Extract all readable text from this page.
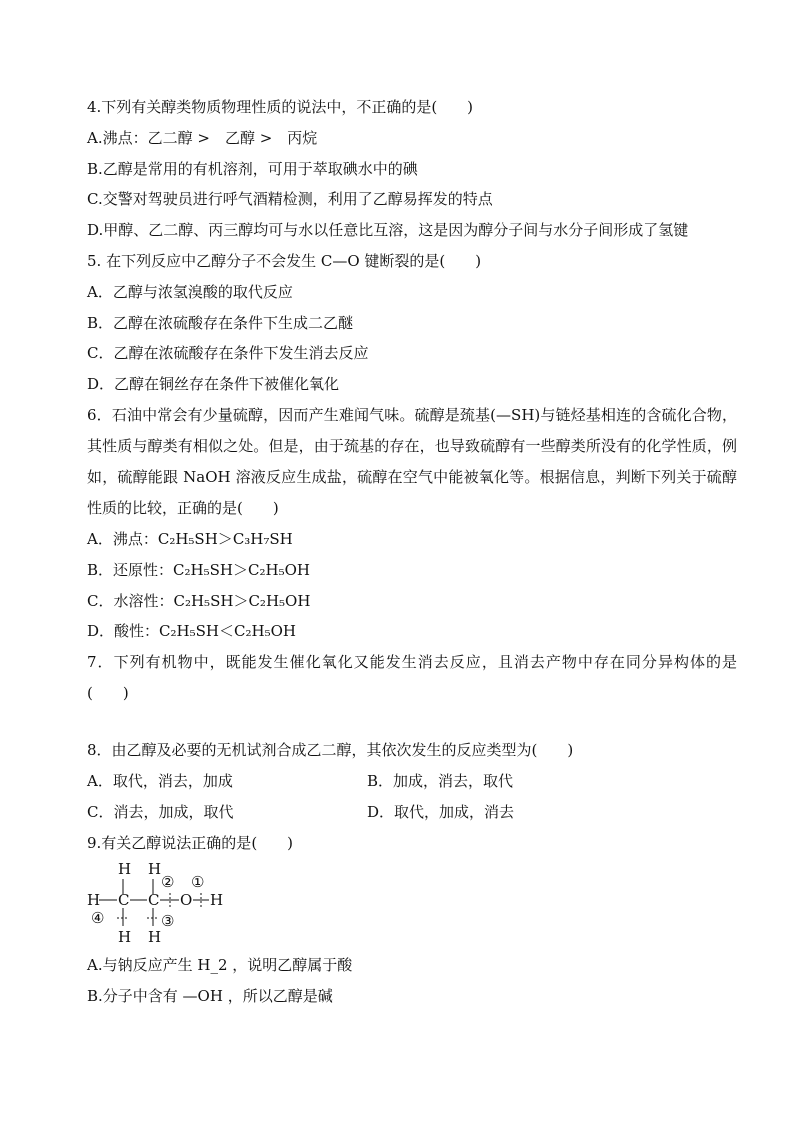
4.下列有关醇类物质物理性质的说法中，不正确的是(　　)
A.沸点：乙二醇 >　乙醇 >　丙烷
B.乙醇是常用的有机溶剂，可用于萃取碘水中的碘
C.交警对驾驶员进行呼气酒精检测，利用了乙醇易挥发的特点
D.甲醇、乙二醇、丙三醇均可与水以任意比互溶，这是因为醇分子间与水分子间形成了氢键
5. 在下列反应中乙醇分子不会发生 C—O 键断裂的是(　　)
A．乙醇与浓氢溴酸的取代反应
B．乙醇在浓硫酸存在条件下生成二乙醚
C．乙醇在浓硫酸存在条件下发生消去反应
D．乙醇在铜丝存在条件下被催化氧化
6．石油中常会有少量硫醇，因而产生难闻气味。硫醇是巯基(—SH)与链烃基相连的含硫化合物，其性质与醇类有相似之处。但是，由于巯基的存在，也导致硫醇有一些醇类所没有的化学性质，例如，硫醇能跟 NaOH 溶液反应生成盐，硫醇在空气中能被氧化等。根据信息，判断下列关于硫醇性质的比较，正确的是(　　)
A．沸点：C₂H₅SH＞C₃H₇SH
B．还原性：C₂H₅SH＞C₂H₅OH
C．水溶性：C₂H₅SH＞C₂H₅OH
D．酸性：C₂H₅SH＜C₂H₅OH
7．下列有机物中，既能发生催化氧化又能发生消去反应，且消去产物中存在同分异构体的是(　　)
8．由乙醇及必要的无机试剂合成乙二醇，其依次发生的反应类型为(　　)
A．取代，消去，加成	B．加成，消去，取代
C．消去，加成，取代	D．取代，加成，消去
9.有关乙醇说法正确的是(　　)
H H
② ①
H C C O H
④	③
H H
A.与钠反应产生 H_2 ，说明乙醇属于酸
B.分子中含有 —OH ，所以乙醇是碱
